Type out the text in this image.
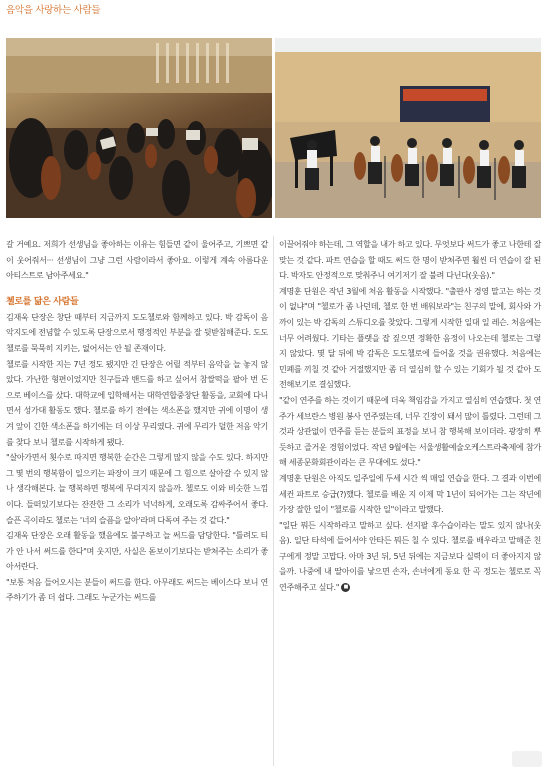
음악을 사랑하는 사람들

갈 거예요. 저희가 선생님을 좋아하는 이유는 힘들면 같이 울어주고, 기쁘면 같이 웃어줘서··· 선생님이 그냥 그런 사람이라서 좋아요. 이렇게 계속 아름다운 아티스트로 남아주세요."

첼로를 닮은 사람들

김재욱 단장은 창단 때부터 지금까지 도도첼로와 함께하고 있다. 박 감독이 음악지도에 전념할 수 있도록 단장으로서 행정적인 부분을 잘 뒷받침해준다. 도도첼로를 묵묵히 지키는, 없어서는 안 될 존재이다.

첼로를 시작한 지는 7년 정도 됐지만 긴 단장은 어릴 적부터 음악을 늘 놓지 않았다. 가난한 형편이었지만 친구들과 밴드를 하고 싶어서 참쌀떡을 팔아 번 돈으로 베이스를 샀다. 대학교에 입학해서는 대학연합중창단 활동을, 교회에 다니면서 성가대 활동도 했다. 첼로를 하기 전에는 색소폰을 했지만 귀에 이명이 생겨 앞이 긴한 색소폰을 하기에는 더 이상 무리였다. 귀에 무리가 덜한 저음 악기를 찾다 보니 첼로를 시작하게 됐다.

"살아가면서 횟수로 따지면 행복한 순간은 그렇게 많지 않을 수도 있다. 하지만 그 몇 번의 행복함이 일으키는 파장이 크기 때문에 그 힘으로 살아갈 수 있지 않나 생각해본다. 늘 행복하면 행복에 무뎌지지 않을까. 첼로도 이와 비슷한 느낌이다. 들떠있기보다는 잔잔한 그 소리가 넉넉하게, 오래도록 감싸주어서 좋다. 슬픈 곡이라도 첼로는 '너의 슬픔을 알아'라며 다독여 주는 것 같다."

김재욱 단장은 오래 활동을 했음에도 불구하고 늘 써드를 담당한다. "틀려도 티가 안 나서 써드를 한다"며 웃지만, 사실은 돋보이기보다는 받쳐주는 소리가 좋아서란다.

"보통 처음 들어오시는 분들이 써드를 한다. 아무래도 써드는 베이스다 보니 연주하기가 좀 더 쉽다. 그래도 누군가는 써드를

이끌어줘야 하는데, 그 역할을 내가 하고 있다. 무엇보다 써드가 좋고 나한테 잘 맞는 것 같다. 파트 연습을 할 때도 써드 한 명이 받쳐주면 훨씬 더 연습이 잘 된다. 박자도 안정적으로 맞춰주니 여기저기 잘 불려 다닌다(웃음)."

계명훈 단원은 작년 3월에 처음 활동을 시작했다. "출판사 경영 말고는 하는 것이 없냐"며 "첼로가 좀 나던데, 첼로 한 번 배워보라"는 친구의 말에, 회사와 가까이 있는 박 감독의 스튜디오를 찾았다. 그렇게 시작한 일대 일 레슨. 처음에는 너무 어려웠다. 기타는 플랫을 잡 짚으면 정확한 음정이 나오는데 첼로는 그렇지 않았다. 몇 달 뒤에 박 감독은 도도첼로에 들어올 것을 권유했다. 처음에는 민폐를 끼칠 것 같아 거절했지만 좀 더 열심히 할 수 있는 기회가 될 것 같아 도전해보기로 결심했다.

"같이 연주를 하는 것이기 때문에 더욱 책임감을 가지고 열심히 연습했다. 첫 연주가 세브란스 병원 봉사 연주였는데, 너무 긴장이 돼서 많이 틀렸다. 그런데 그것과 상관없이 연주를 듣는 분들의 표정을 보니 참 행복해 보이더라. 광장히 뿌듯하고 즐거운 경험이었다. 작년 9월에는 서울생활예술오케스트라축제에 참가해 세종문화회관이라는 큰 무대에도 섰다."

계명훈 단원은 아직도 일주일에 두세 시간 씩 매일 연습을 한다. 그 결과 이번에 세컨 파트로 승급(?)했다. 첼로를 배운 지 이제 막 1년이 되어가는 그는 작년에 가장 잘한 일이 "첼로를 시작한 일"이라고 말했다.

"일단 뭐든 시작하라고 말하고 싶다. 선지팔 후수습이라는 말도 있지 않나(웃음). 일단 타석에 들어서야 안타든 뭐든 칠 수 있다. 첼로를 배우라고 말해준 친구에게 정말 고맙다. 아마 3년 뒤, 5년 뒤에는 지금보다 실력이 더 좋아지지 않을까. 나중에 내 딸아이를 낳으면 손자, 손녀에게 동요 한 곡 정도는 첼로로 꼭 연주해주고 싶다." ■
